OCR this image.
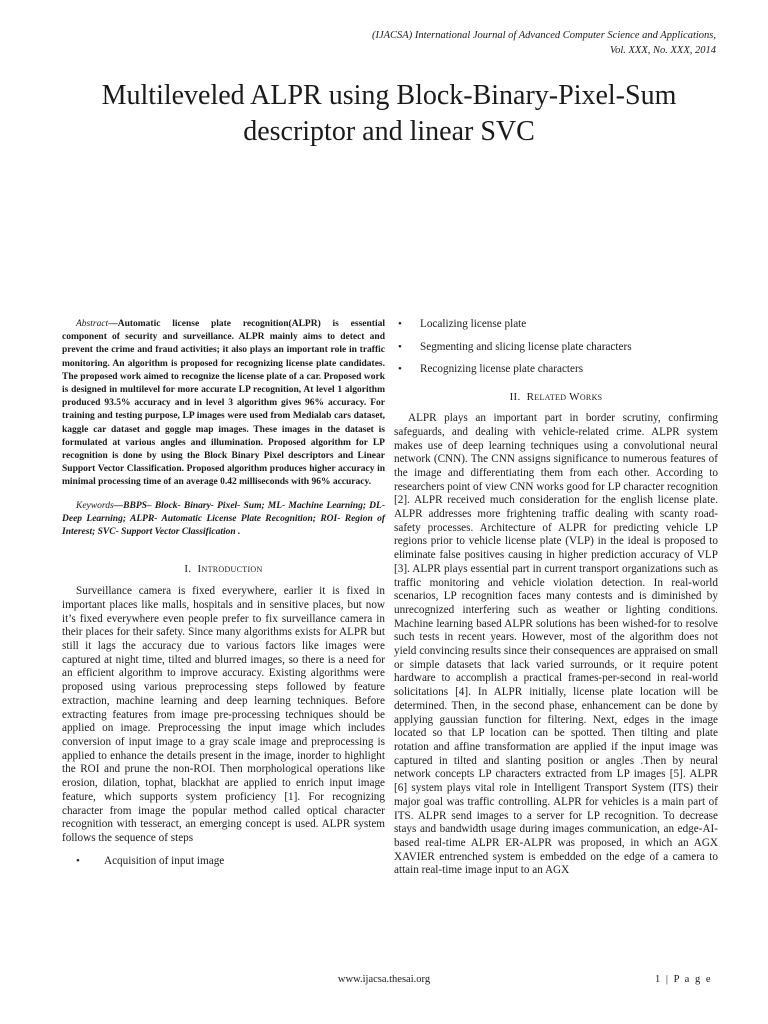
(IJACSA) International Journal of Advanced Computer Science and Applications,
Vol. XXX, No. XXX, 2014
Multileveled ALPR using Block-Binary-Pixel-Sum descriptor and linear SVC

Abstract—Automatic license plate recognition(ALPR) is essential component of security and surveillance. ALPR mainly aims to detect and prevent the crime and fraud activities; it also plays an important role in traffic monitoring. An algorithm is proposed for recognizing license plate candidates. The proposed work aimed to recognize the license plate of a car. Proposed work is designed in multilevel for more accurate LP recognition, At level 1 algorithm produced 93.5% accuracy and in level 3 algorithm gives 96% accuracy. For training and testing purpose, LP images were used from Medialab cars dataset, kaggle car dataset and goggle map images. These images in the dataset is formulated at various angles and illumination. Proposed algorithm for LP recognition is done by using the Block Binary Pixel descriptors and Linear Support Vector Classification. Proposed algorithm produces higher accuracy in minimal processing time of an average 0.42 milliseconds with 96% accuracy.

Keywords—BBPS– Block- Binary- Pixel- Sum; ML- Machine Learning; DL- Deep Learning; ALPR- Automatic License Plate Recognition; ROI- Region of Interest; SVC- Support Vector Classification .

I. Introduction

Surveillance camera is fixed everywhere, earlier it is fixed in important places like malls, hospitals and in sensitive places, but now it’s fixed everywhere even people prefer to fix surveillance camera in their places for their safety. Since many algorithms exists for ALPR but still it lags the accuracy due to various factors like images were captured at night time, tilted and blurred images, so there is a need for an efficient algorithm to improve accuracy. Existing algorithms were proposed using various preprocessing steps followed by feature extraction, machine learning and deep learning techniques. Before extracting features from image pre-processing techniques should be applied on image. Preprocessing the input image which includes conversion of input image to a gray scale image and preprocessing is applied to enhance the details present in the image, inorder to highlight the ROI and prune the non-ROI. Then morphological operations like erosion, dilation, tophat, blackhat are applied to enrich input image feature, which supports system proficiency [1]. For recognizing character from image the popular method called optical character recognition with tesseract, an emerging concept is used. ALPR system follows the sequence of steps

• Acquisition of input image
• Localizing license plate
• Segmenting and slicing license plate characters
• Recognizing license plate characters
II. Related Works

ALPR plays an important part in border scrutiny, confirming safeguards, and dealing with vehicle-related crime. ALPR system makes use of deep learning techniques using a convolutional neural network (CNN). The CNN assigns significance to numerous features of the image and differentiating them from each other. According to researchers point of view CNN works good for LP character recognition [2]. ALPR received much consideration for the english license plate. ALPR addresses more frightening traffic dealing with scanty road-safety processes. Architecture of ALPR for predicting vehicle LP regions prior to vehicle license plate (VLP) in the ideal is proposed to eliminate false positives causing in higher prediction accuracy of VLP [3]. ALPR plays essential part in current transport organizations such as traffic monitoring and vehicle violation detection. In real-world scenarios, LP recognition faces many contests and is diminished by unrecognized interfering such as weather or lighting conditions. Machine learning based ALPR solutions has been wished-for to resolve such tests in recent years. However, most of the algorithm does not yield convincing results since their consequences are appraised on small or simple datasets that lack varied surrounds, or it require potent hardware to accomplish a practical frames-per-second in real-world solicitations [4]. In ALPR initially, license plate location will be determined. Then, in the second phase, enhancement can be done by applying gaussian function for filtering. Next, edges in the image located so that LP location can be spotted. Then tilting and plate rotation and affine transformation are applied if the input image was captured in tilted and slanting position or angles .Then by neural network concepts LP characters extracted from LP images [5]. ALPR [6] system plays vital role in Intelligent Transport System (ITS) their major goal was traffic controlling. ALPR for vehicles is a main part of ITS. ALPR send images to a server for LP recognition. To decrease stays and bandwidth usage during images communication, an edge-AI-based real-time ALPR ER-ALPR was proposed, in which an AGX XAVIER entrenched system is embedded on the edge of a camera to attain real-time image input to an AGX

www.ijacsa.thesai.org	1 | P a g e
